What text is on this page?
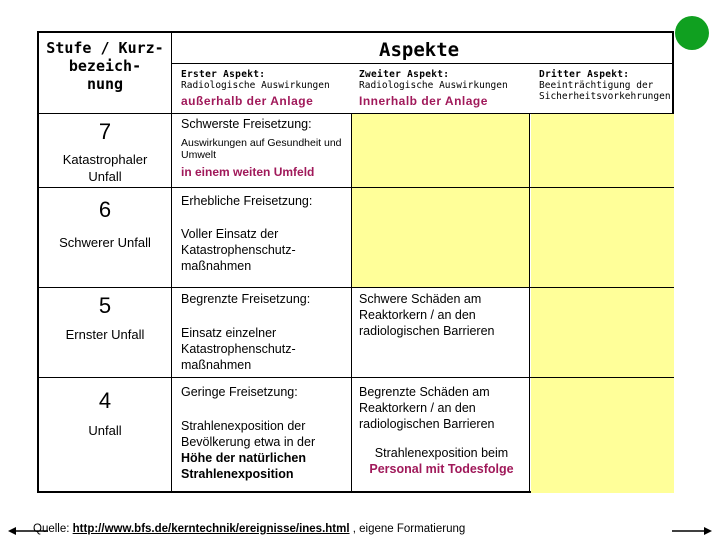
Stufe / Kurz-
bezeich-
nung
Aspekte
Erster Aspekt:
Radiologische Auswirkungen
außerhalb der Anlage
Zweiter Aspekt:
Radiologische Auswirkungen
Innerhalb der Anlage
Dritter Aspekt:
Beeinträchtigung der Sicherheitsvorkehrungen
7
Katastrophaler Unfall
Schwerste Freisetzung:
Auswirkungen auf Gesundheit und Umwelt
in einem weiten Umfeld
6
Schwerer Unfall
Erhebliche Freisetzung:
Voller Einsatz der Katastrophenschutz-maßnahmen
5
Ernster Unfall
Begrenzte Freisetzung:
Einsatz einzelner Katastrophenschutz-maßnahmen
Schwere Schäden am Reaktorkern / an den radiologischen Barrieren
4
Unfall
Geringe Freisetzung:
Strahlenexposition der Bevölkerung etwa in der Höhe der natürlichen Strahlenexposition
Begrenzte Schäden am Reaktorkern / an den radiologischen Barrieren
Strahlenexposition beim
Personal mit Todesfolge
Quelle: http://www.bfs.de/kerntechnik/ereignisse/ines.html , eigene Formatierung
